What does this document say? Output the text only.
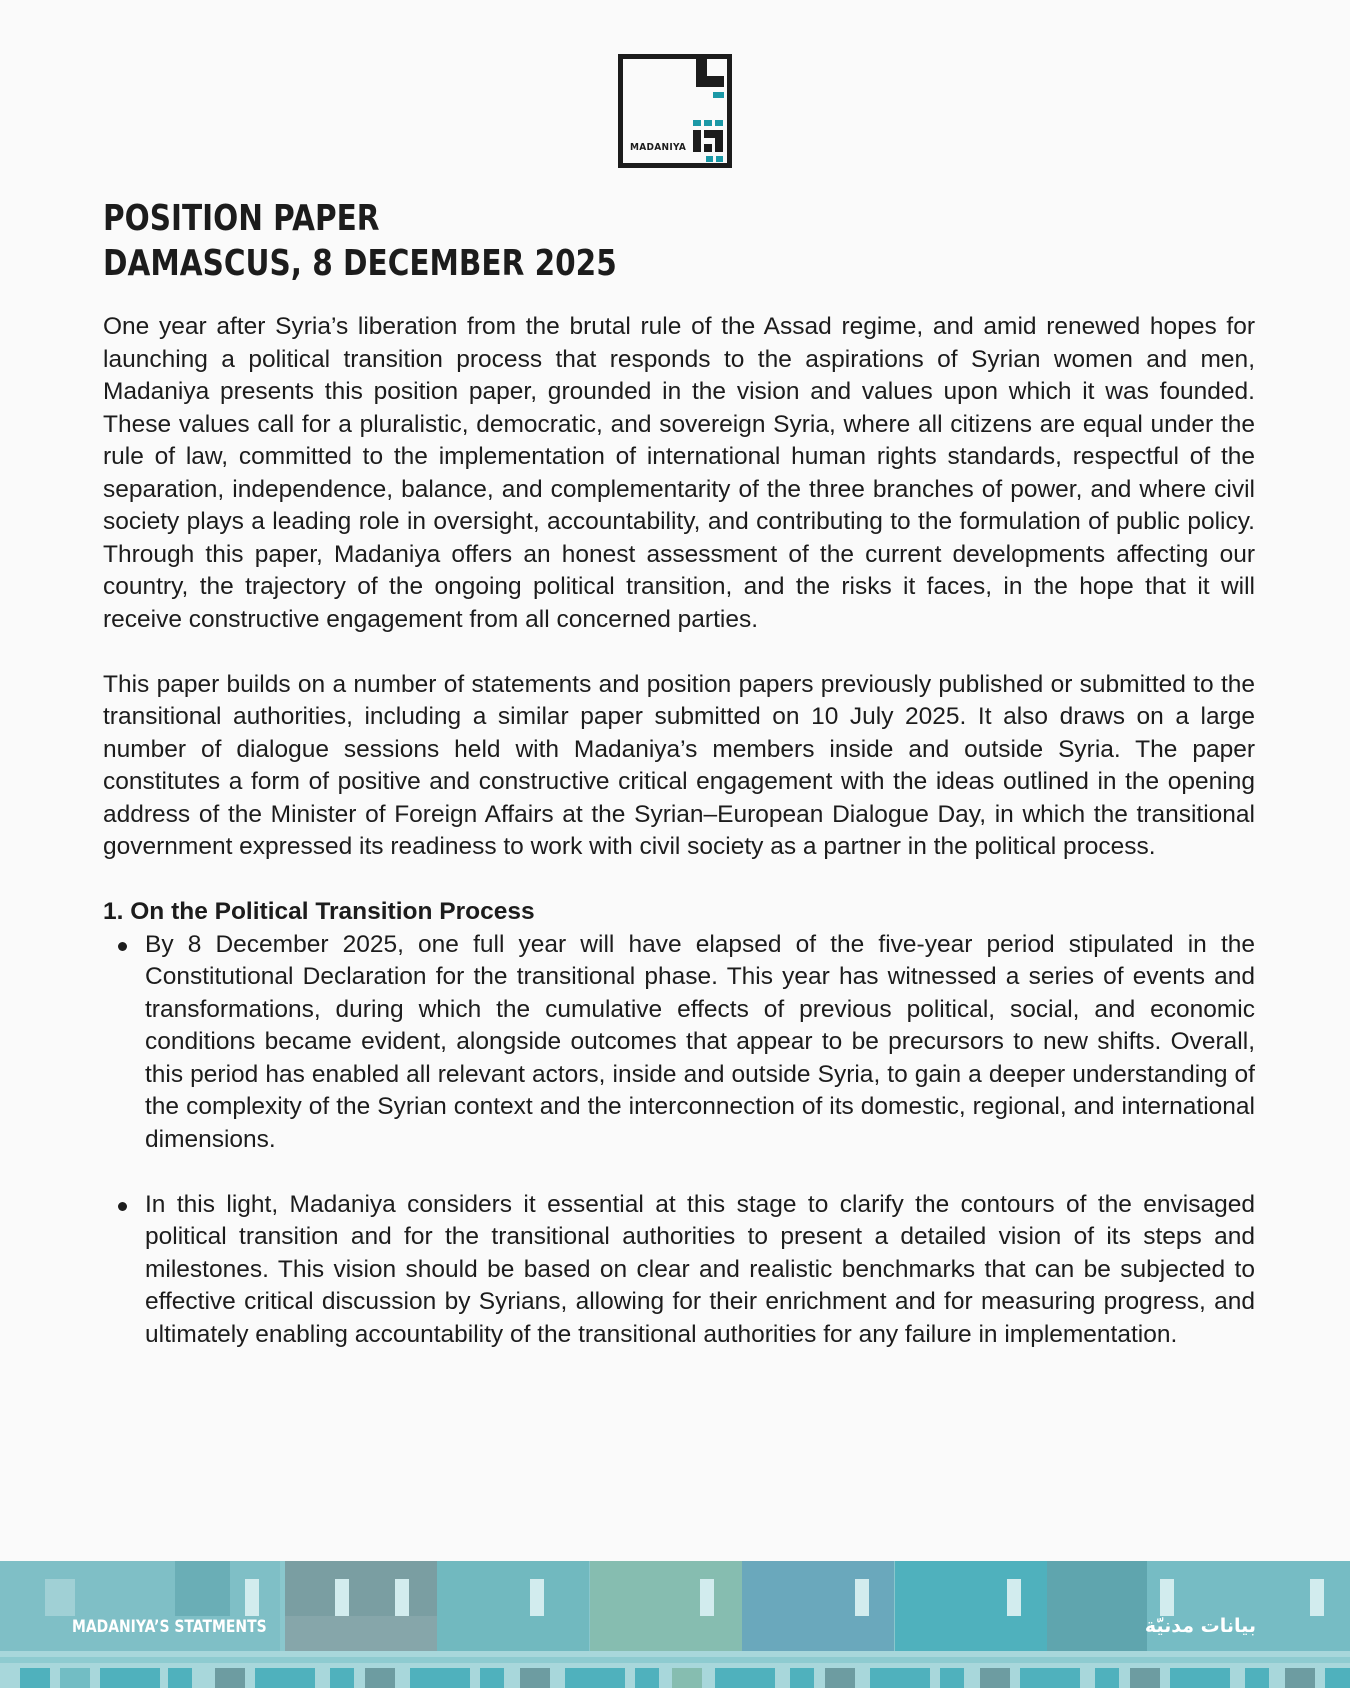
MADANIYA
POSITION PAPER
DAMASCUS, 8 DECEMBER 2025

One year after Syria’s liberation from the brutal rule of the Assad regime, and amid renewed hopes for launching a political transition process that responds to the aspirations of Syrian women and men, Madaniya presents this position paper, grounded in the vision and values upon which it was founded. These values call for a pluralistic, democratic, and sovereign Syria, where all citizens are equal under the rule of law, committed to the implementation of international human rights standards, respectful of the separation, independence, balance, and complementarity of the three branches of power, and where civil society plays a leading role in oversight, accountability, and contributing to the formulation of public policy. Through this paper, Madaniya offers an honest assessment of the current developments affecting our country, the trajectory of the ongoing political transition, and the risks it faces, in the hope that it will receive constructive engagement from all concerned parties.

This paper builds on a number of statements and position papers previously published or submitted to the transitional authorities, including a similar paper submitted on 10 July 2025. It also draws on a large number of dialogue sessions held with Madaniya’s members inside and outside Syria. The paper constitutes a form of positive and constructive critical engagement with the ideas outlined in the opening address of the Minister of Foreign Affairs at the Syrian–European Dialogue Day, in which the transitional government expressed its readiness to work with civil society as a partner in the political process.

1. On the Political Transition Process
By 8 December 2025, one full year will have elapsed of the five-year period stipulated in the Constitutional Declaration for the transitional phase. This year has witnessed a series of events and transformations, during which the cumulative effects of previous political, social, and economic conditions became evident, alongside outcomes that appear to be precursors to new shifts. Overall, this period has enabled all relevant actors, inside and outside Syria, to gain a deeper understanding of the complexity of the Syrian context and the interconnection of its domestic, regional, and international dimensions.
In this light, Madaniya considers it essential at this stage to clarify the contours of the envisaged political transition and for the transitional authorities to present a detailed vision of its steps and milestones. This vision should be based on clear and realistic benchmarks that can be subjected to effective critical discussion by Syrians, allowing for their enrichment and for measuring progress, and ultimately enabling accountability of the transitional authorities for any failure in implementation.
MADANIYA’S STATMENTS	بيانات مدنيّة
